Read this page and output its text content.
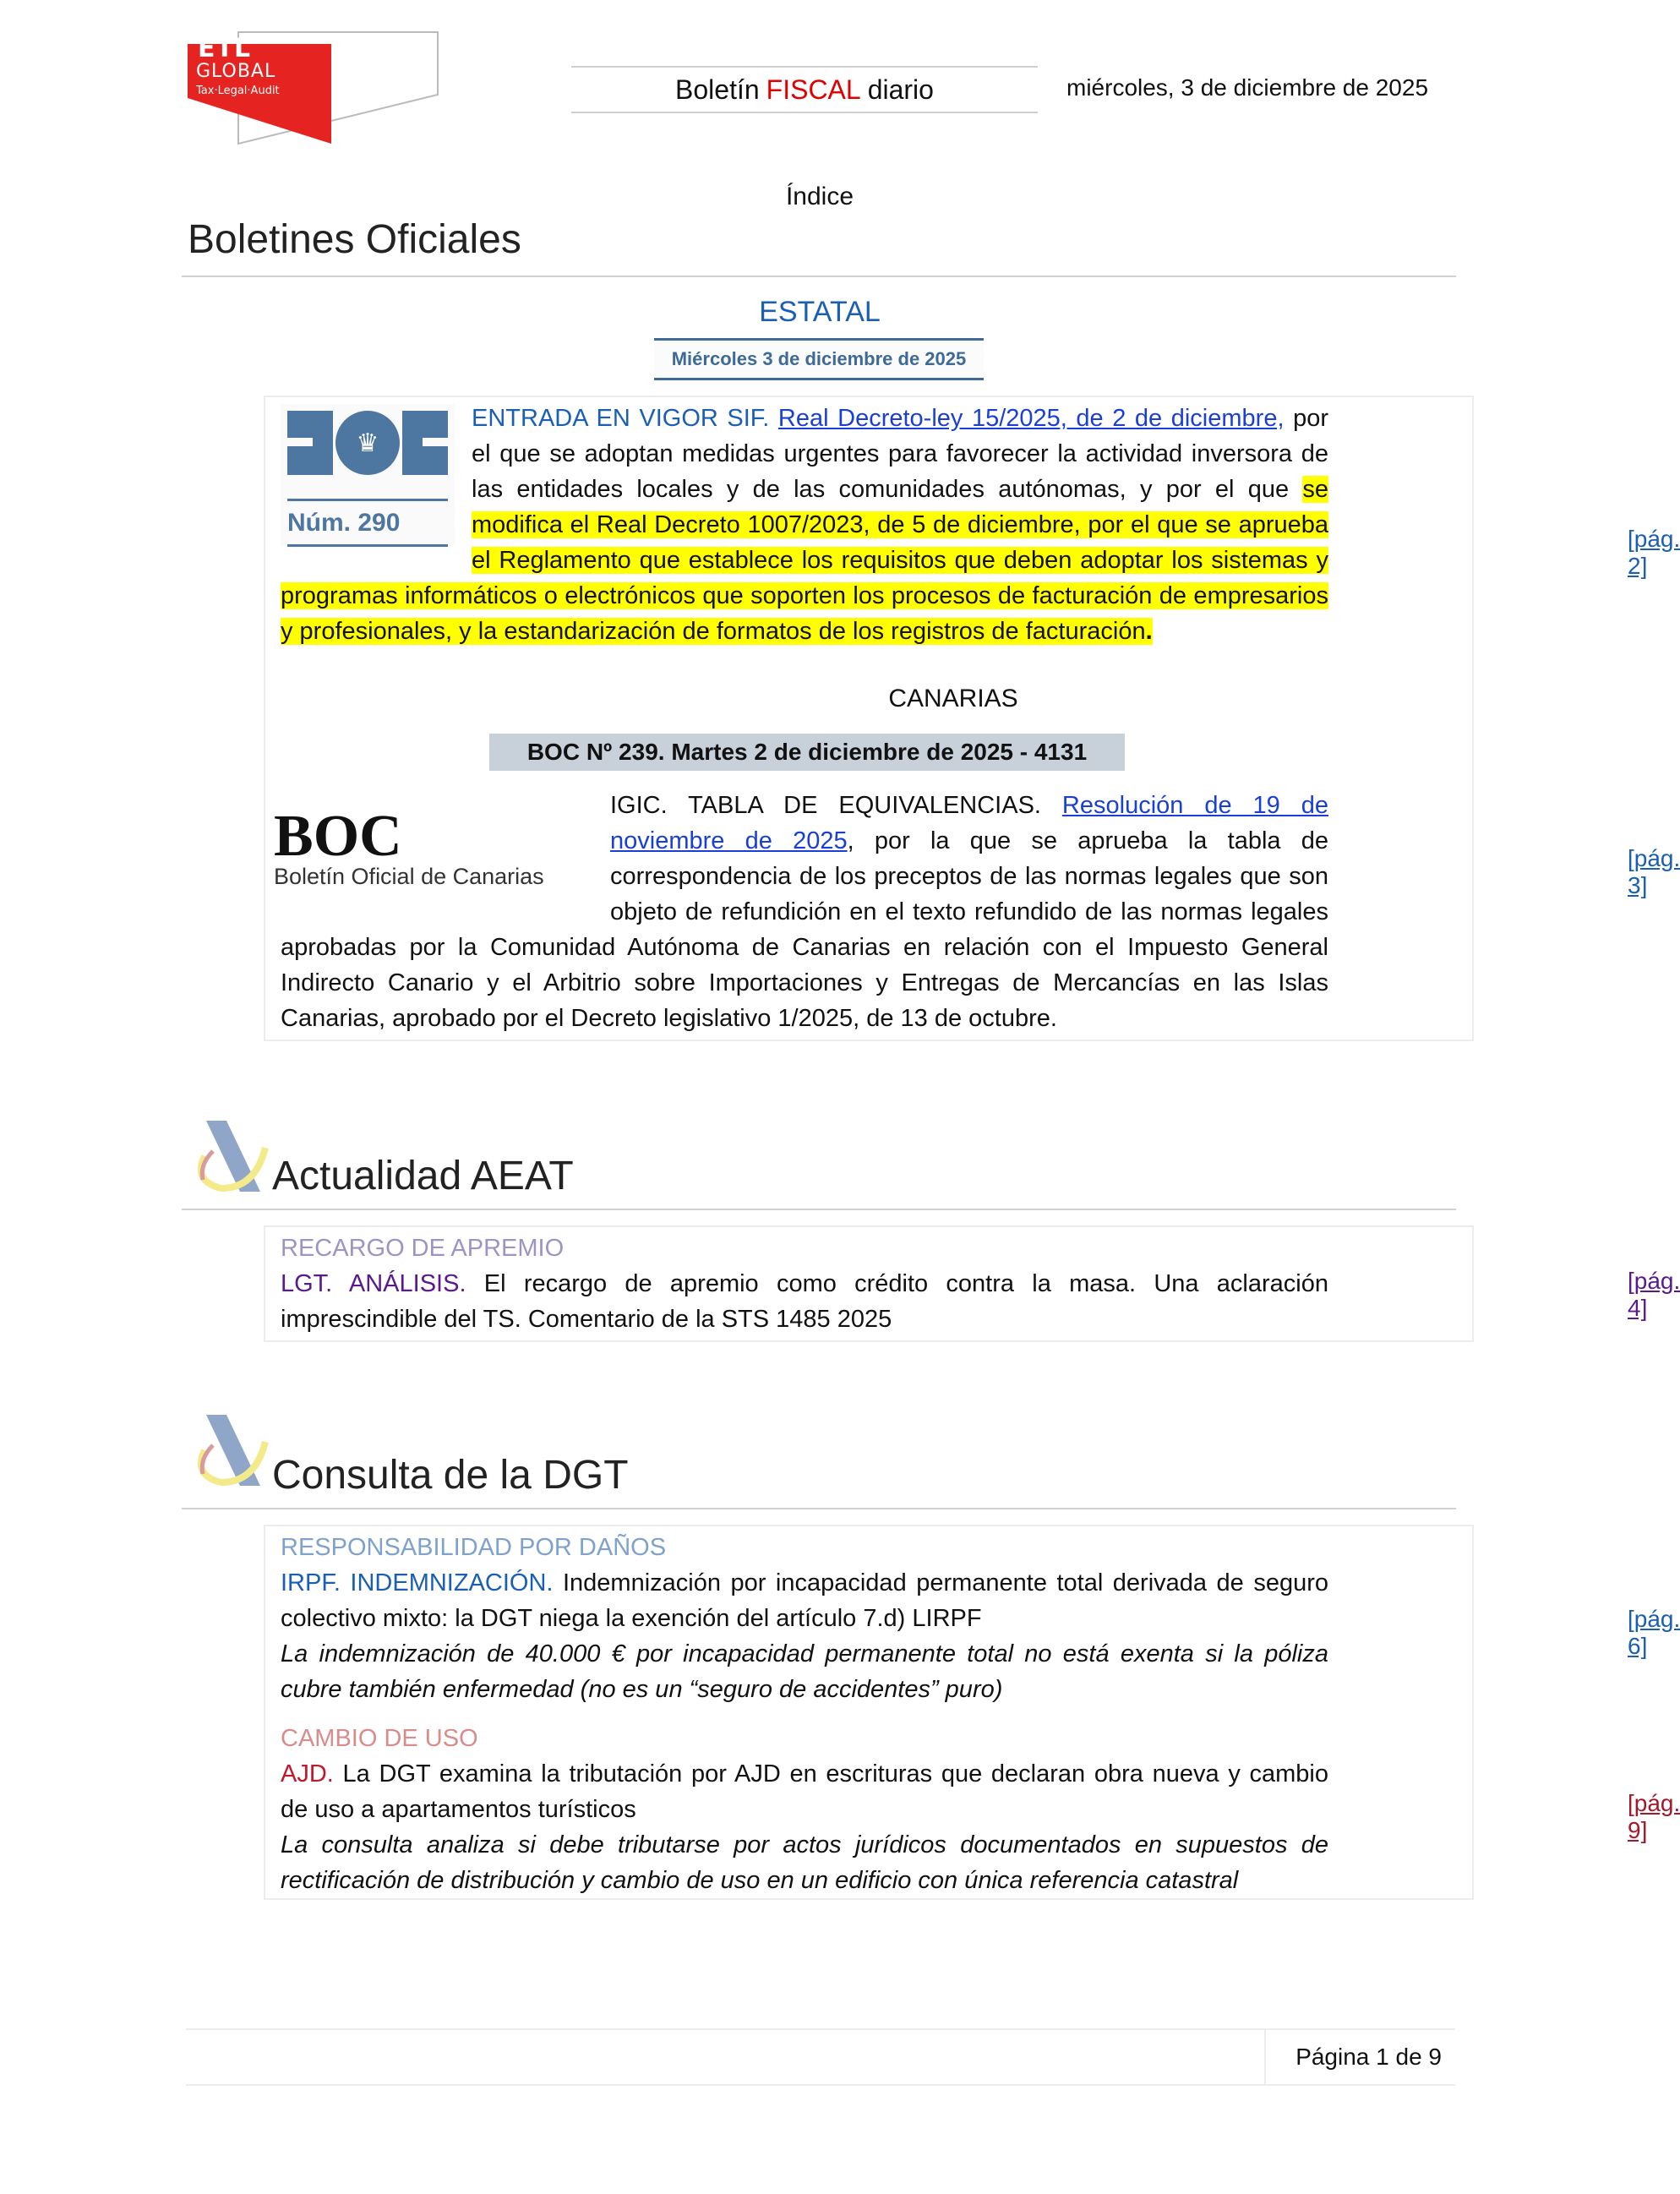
ETL
GLOBAL
Tax·Legal·Audit	Boletín FISCAL diario	miércoles, 3 de diciembre de 2025
Índice
Boletines Oficiales
ESTATAL
Miércoles 3 de diciembre de 2025
♛
Núm. 290
ENTRADA EN VIGOR SIF. Real Decreto-ley 15/2025, de 2 de diciembre, por el que se adoptan medidas urgentes para favorecer la actividad inversora de las entidades locales y de las comunidades autónomas, y por el que se modifica el Real Decreto 1007/2023, de 5 de diciembre, por el que se aprueba el Reglamento que establece los requisitos que deben adoptar los sistemas y programas informáticos o electrónicos que soporten los procesos de facturación de empresarios y profesionales, y la estandarización de formatos de los registros de facturación.
[pág. 2]
CANARIAS
BOC Nº 239. Martes 2 de diciembre de 2025 - 4131
BOC
Boletín Oficial de Canarias
IGIC. TABLA DE EQUIVALENCIAS. Resolución de 19 de noviembre de 2025, por la que se aprueba la tabla de correspondencia de los preceptos de las normas legales que son objeto de refundición en el texto refundido de las normas legales aprobadas por la Comunidad Autónoma de Canarias en relación con el Impuesto General Indirecto Canario y el Arbitrio sobre Importaciones y Entregas de Mercancías en las Islas Canarias, aprobado por el Decreto legislativo 1/2025, de 13 de octubre.
[pág. 3]
Actualidad AEAT
RECARGO DE APREMIO
LGT. ANÁLISIS. El recargo de apremio como crédito contra la masa. Una aclaración imprescindible del TS. Comentario de la STS 1485 2025
[pág. 4]
Consulta de la DGT
RESPONSABILIDAD POR DAÑOS
IRPF. INDEMNIZACIÓN. Indemnización por incapacidad permanente total derivada de seguro colectivo mixto: la DGT niega la exención del artículo 7.d) LIRPF
La indemnización de 40.000 € por incapacidad permanente total no está exenta si la póliza cubre también enfermedad (no es un “seguro de accidentes” puro)
[pág. 6]
CAMBIO DE USO
AJD. La DGT examina la tributación por AJD en escrituras que declaran obra nueva y cambio de uso a apartamentos turísticos
La consulta analiza si debe tributarse por actos jurídicos documentados en supuestos de rectificación de distribución y cambio de uso en un edificio con única referencia catastral
[pág. 9]
Página 1 de 9
